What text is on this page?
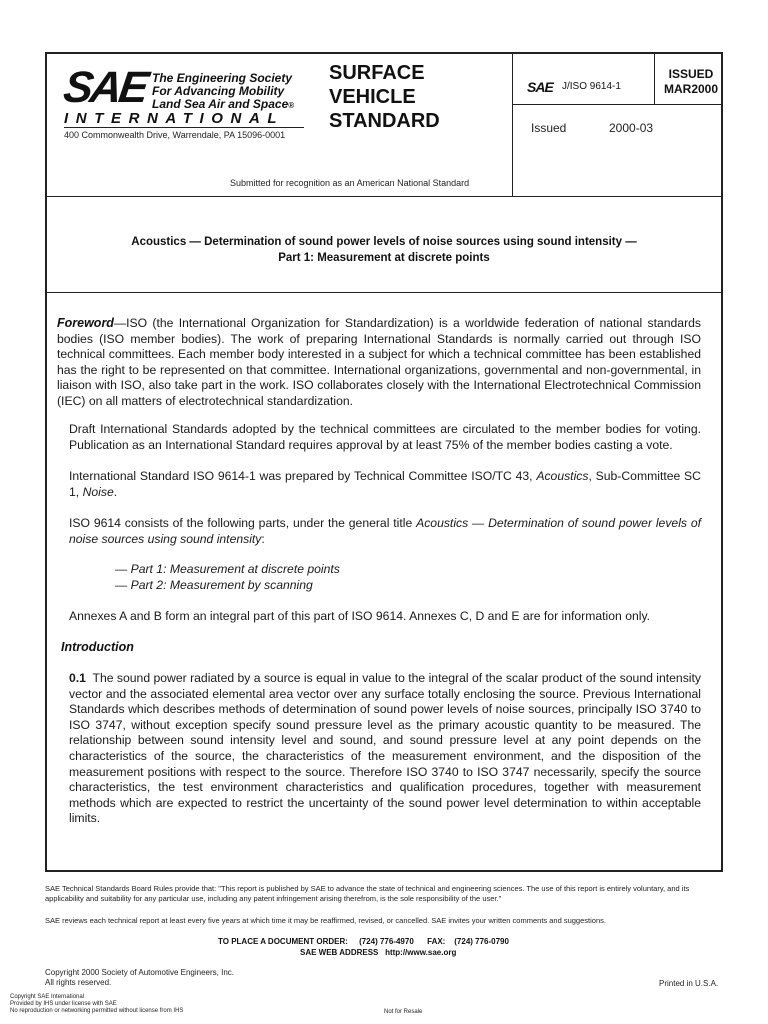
SAE The Engineering Society
For Advancing Mobility
Land Sea Air and Space®
INTERNATIONAL
400 Commonwealth Drive, Warrendale, PA 15096-0001
SURFACE
VEHICLE
STANDARD
SAE J/ISO 9614-1
ISSUED
MAR2000
Issued	2000-03
Submitted for recognition as an American National Standard
Acoustics — Determination of sound power levels of noise sources using sound intensity —
Part 1: Measurement at discrete points
Foreword—ISO (the International Organization for Standardization) is a worldwide federation of national standards bodies (ISO member bodies). The work of preparing International Standards is normally carried out through ISO technical committees. Each member body interested in a subject for which a technical committee has been established has the right to be represented on that committee. International organizations, governmental and non-governmental, in liaison with ISO, also take part in the work. ISO collaborates closely with the International Electrotechnical Commission (IEC) on all matters of electrotechnical standardization.
Draft International Standards adopted by the technical committees are circulated to the member bodies for voting. Publication as an International Standard requires approval by at least 75% of the member bodies casting a vote.
International Standard ISO 9614-1 was prepared by Technical Committee ISO/TC 43, Acoustics, Sub-Committee SC 1, Noise.
ISO 9614 consists of the following parts, under the general title Acoustics — Determination of sound power levels of noise sources using sound intensity:
— Part 1: Measurement at discrete points
— Part 2: Measurement by scanning
Annexes A and B form an integral part of this part of ISO 9614. Annexes C, D and E are for information only.
Introduction
0.1 The sound power radiated by a source is equal in value to the integral of the scalar product of the sound intensity vector and the associated elemental area vector over any surface totally enclosing the source. Previous International Standards which describes methods of determination of sound power levels of noise sources, principally ISO 3740 to ISO 3747, without exception specify sound pressure level as the primary acoustic quantity to be measured. The relationship between sound intensity level and sound, and sound pressure level at any point depends on the characteristics of the source, the characteristics of the measurement environment, and the disposition of the measurement positions with respect to the source. Therefore ISO 3740 to ISO 3747 necessarily, specify the source characteristics, the test environment characteristics and qualification procedures, together with measurement methods which are expected to restrict the uncertainty of the sound power level determination to within acceptable limits.
SAE Technical Standards Board Rules provide that: "This report is published by SAE to advance the state of technical and engineering sciences. The use of this report is entirely voluntary, and its applicability and suitability for any particular use, including any patent infringement arising therefrom, is the sole responsibility of the user."
SAE reviews each technical report at least every five years at which time it may be reaffirmed, revised, or cancelled. SAE invites your written comments and suggestions.
TO PLACE A DOCUMENT ORDER: (724) 776-4970 FAX: (724) 776-0790
SAE WEB ADDRESS http://www.sae.org
Copyright 2000 Society of Automotive Engineers, Inc.
All rights reserved.	Printed in U.S.A.
Copyright SAE International
Provided by IHS under license with SAE
No reproduction or networking permitted without license from IHS	Not for Resale
